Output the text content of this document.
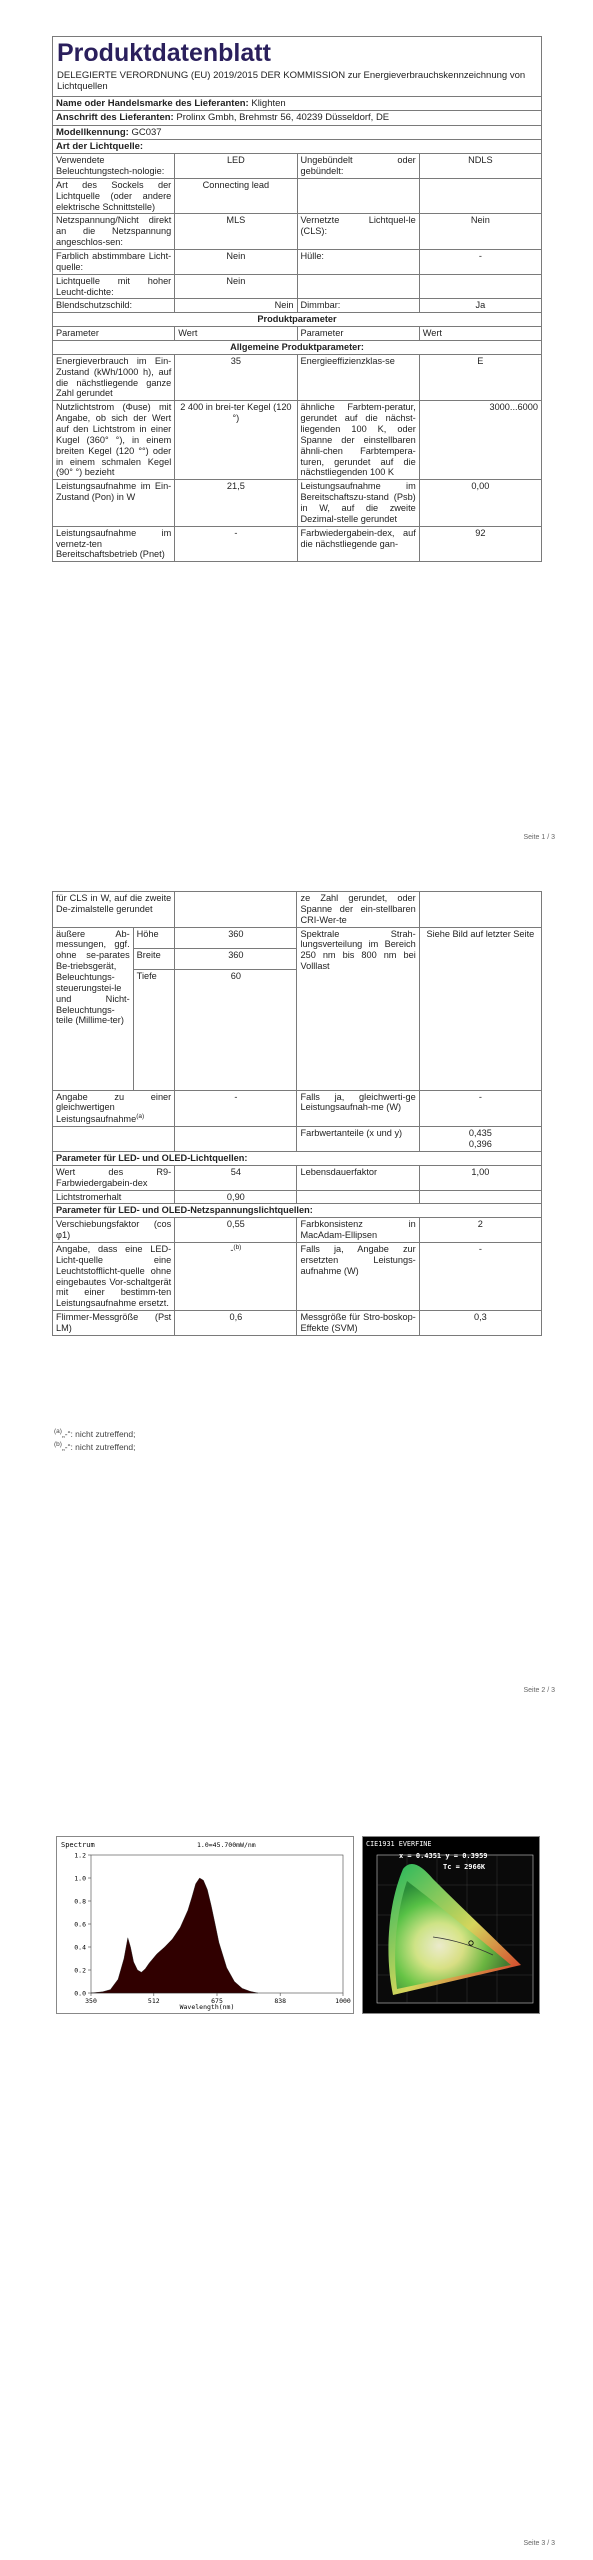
Produktdatenblatt
DELEGIERTE VERORDNUNG (EU) 2019/2015 DER KOMMISSION zur Energieverbrauchskennzeichnung von Lichtquellen			

Name oder Handelsmarke des Lieferanten: Klighten			
Anschrift des Lieferanten: Prolinx Gmbh, Brehmstr 56, 40239 Düsseldorf, DE			
Modellkennung: GC037			
Art der Lichtquelle:			
Verwendete Beleuchtungstech-nologie:	LED	Ungebündelt oder gebündelt:	NDLS
Art des Sockels der Lichtquelle (oder andere elektrische Schnittstelle)	Connecting lead		
Netzspannung/Nicht direkt an die Netzspannung angeschlos-sen:	MLS	Vernetzte Lichtquel-le (CLS):	Nein
Farblich abstimmbare Licht-quelle:	Nein	Hülle:	-
Lichtquelle mit hoher Leucht-dichte:	Nein		
Blendschutzschild:	Nein	Dimmbar:	Ja
Produktparameter			
Parameter	Wert	Parameter	Wert
Allgemeine Produktparameter:			
Energieverbrauch im Ein-Zustand (kWh/1000 h), auf die nächstliegende ganze Zahl gerundet	35	Energieeffizienzklas-se	E
Nutzlichtstrom (Φuse) mit Angabe, ob sich der Wert auf den Lichtstrom in einer Kugel (360° °), in einem breiten Kegel (120 °°) oder in einem schmalen Kegel (90° °) bezieht	2 400 in brei-ter Kegel (120 °)	ähnliche Farbtem-peratur, gerundet auf die nächst-liegenden 100 K, oder Spanne der einstellbaren ähnli-chen Farbtempera-turen, gerundet auf die nächstliegenden 100 K	3000...6000
Leistungsaufnahme im Ein-Zustand (Pon) in W	21,5	Leistungsaufnahme im Bereitschaftszu-stand (Psb) in W, auf die zweite Dezimal-stelle gerundet	0,00
Leistungsaufnahme im vernetz-ten Bereitschaftsbetrieb (Pnet)	-	Farbwiedergabein-dex, auf die nächstliegende gan-	92
Seite 1 / 3
für CLS in W, auf die zweite De-zimalstelle gerundet			ze Zahl gerundet, oder Spanne der ein-stellbaren CRI-Wer-te	
äußere Ab-messungen, ggf. ohne se-parates Be-triebsgerät, Beleuchtungs-steuerungstei-le und Nicht-Beleuchtungs-teile (Millime-ter)	Höhe	360	Spektrale Strah-lungsverteilung im Bereich 250 nm bis 800 nm bei Volllast	Siehe Bild auf letzter Seite
	Breite	360		
	Tiefe	60		
Angabe zu einer gleichwertigen Leistungsaufnahme$^{(a)}$		-	Falls ja, gleichwerti-ge Leistungsaufnah-me (W)	-
			Farbwertanteile (x und y)	0,435
0,396

Parameter für LED- und OLED-Lichtquellen:				
Wert des R9-Farbwiedergabein-dex		54	Lebensdauerfaktor	1,00
Lichtstromerhalt		0,90		
Parameter für LED- und OLED-Netzspannungslichtquellen:				
Verschiebungsfaktor (cos φ1)		0,55	Farbkonsistenz in MacAdam-Ellipsen	2
Angabe, dass eine LED-Licht-quelle eine Leuchtstofflicht-quelle ohne eingebautes Vor-schaltgerät mit einer bestimm-ten Leistungsaufnahme ersetzt.		-$^{(b)}$	Falls ja, Angabe zur ersetzten Leistungs-aufnahme (W)	-
Flimmer-Messgröße (Pst LM)		0,6	Messgröße für Stro-boskop-Effekte (SVM)	0,3
$^{(a)}$„-“: nicht zutreffend;
$^{(b)}$„-“: nicht zutreffend;
Seite 2 / 3
Spectrum	1.0=45.700mW/nm
1.2
1.0
0.8
0.6
0.4
0.2
0.0
350	512	675	838	1000
Wavelength(nm)
CIE1931 EVERFINE
x = 0.4351 y = 0.3959
Tc = 2966K
Seite 3 / 3
